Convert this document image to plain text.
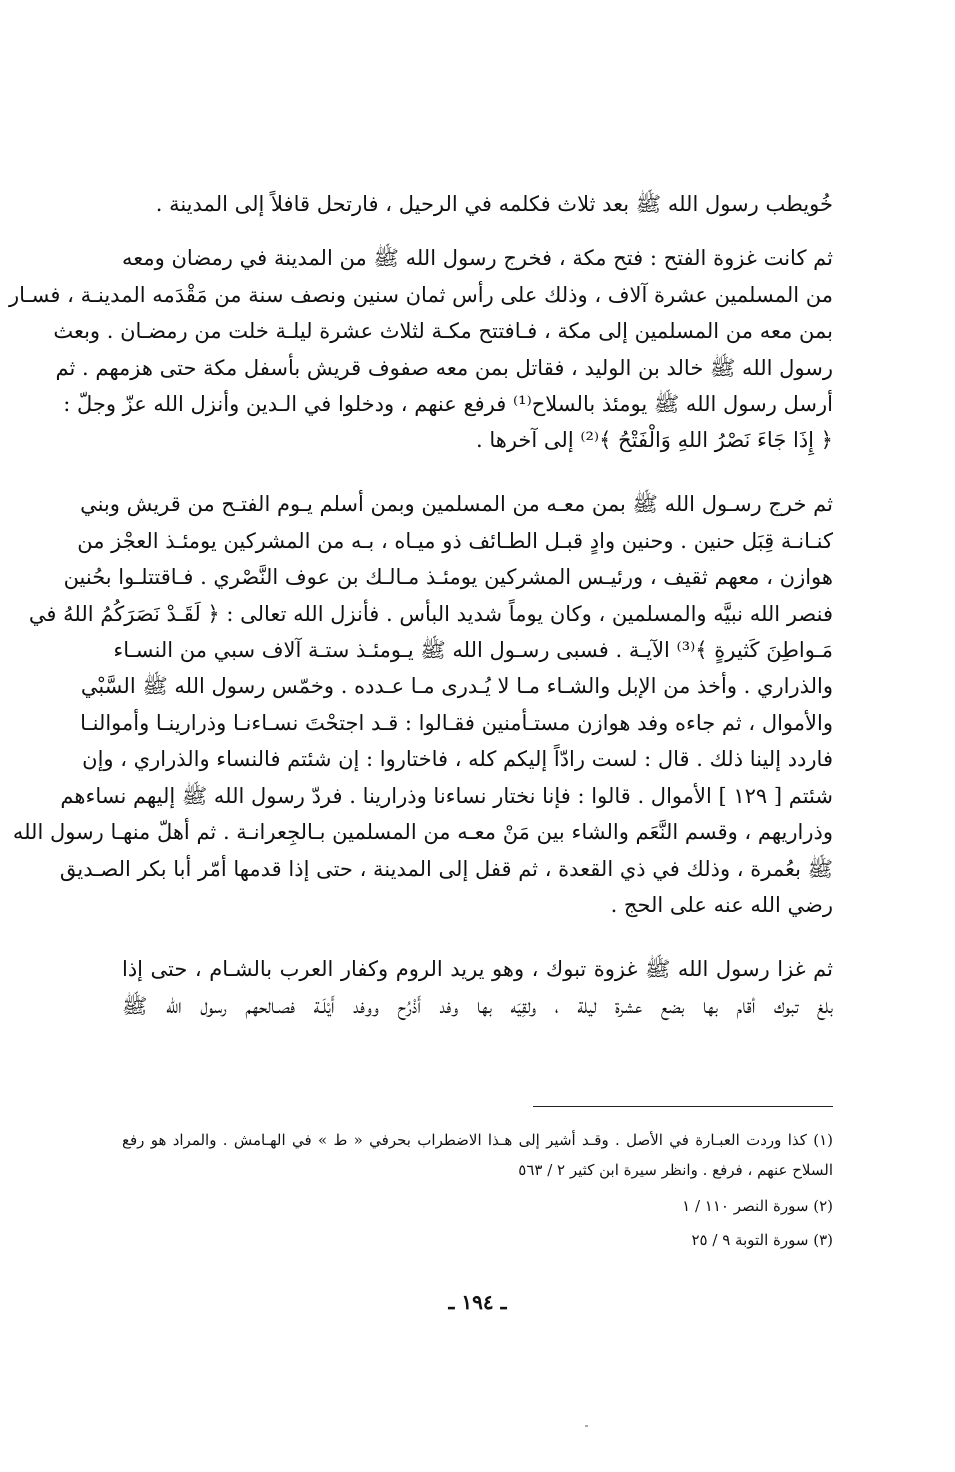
خُويطب رسول الله ﷺ بعد ثلاث فكلمه في الرحيل ، فارتحل قافلاً إلى المدينة .
ثم كانت غزوة الفتح : فتح مكة ، فخرج رسول الله ﷺ من المدينة في رمضان ومعه
من المسلمين عشرة آلاف ، وذلك على رأس ثمان سنين ونصف سنة من مَقْدَمه المدينـة ، فسـار
بمن معه من المسلمين إلى مكة ، فـافتتح مكـة لثلاث عشرة ليلـة خلت من رمضـان . وبعث
رسول الله ﷺ خالد بن الوليد ، فقاتل بمن معه صفوف قريش بأسفل مكة حتى هزمهم . ثم
أرسل رسول الله ﷺ يومئذ بالسلاح⁽¹⁾ فرفع عنهم ، ودخلوا في الـدين وأنزل الله عزّ وجلّ :
﴿ إِذَا جَاءَ نَصْرُ اللهِ وَالْفَتْحُ ﴾⁽²⁾ إلى آخرها .
ثم خرج رسـول الله ﷺ بمن معـه من المسلمين وبمن أسلم يـوم الفتـح من قريش وبني
كنـانـة قِبَل حنين . وحنين وادٍ قبـل الطـائف ذو ميـاه ، بـه من المشركين يومئـذ العجْز من
هوازن ، معهم ثقيف ، ورئيـس المشركين يومئـذ مـالـك بن عوف النَّصْري . فـاقتتلـوا بحُنين
فنصر الله نبيَّه والمسلمين ، وكان يوماً شديد البأس . فأنزل الله تعالى : ﴿ لَقَـدْ نَصَرَكُمُ اللهُ في
مَـواطِنَ كَثيرةٍ ﴾⁽³⁾ الآيـة . فسبى رسـول الله ﷺ يـومئـذ ستـة آلاف سبي من النسـاء
والذراري . وأخذ من الإبل والشـاء مـا لا يُـدرى مـا عـدده . وخمّس رسول الله ﷺ السَّبْي
والأموال ، ثم جاءه وفد هوازن مستـأمنين فقـالوا : قـد اجتحْتَ نسـاءنـا وذرارينـا وأموالنـا
فاردد إلينا ذلك . قال : لست رادّاً إليكم كله ، فاختاروا : إن شئتم فالنساء والذراري ، وإن
شئتم [ ١٢٩ ] الأموال . قالوا : فإنا نختار نساءنا وذرارينا . فردّ رسول الله ﷺ إليهم نساءهم
وذراريهم ، وقسم النَّعَم والشاء بين مَنْ معـه من المسلمين بـالجِعرانـة . ثم أهلّ منهـا رسول الله
ﷺ بعُمرة ، وذلك في ذي القعدة ، ثم قفل إلى المدينة ، حتى إذا قدمها أمّر أبا بكر الصـديق
رضي الله عنه على الحج .
ثم غزا رسول الله ﷺ غزوة تبوك ، وهو يريد الروم وكفار العرب بالشـام ، حتى إذا
بلغ تبوك أقام بها بضع عشرة ليلة ، ولقِيَه بها وفد أَذْرُح ووفد أَيْلَـة فصـالحهم رسول الله ﷺ
(١) كذا وردت العبـارة في الأصل . وقـد أشير إلى هـذا الاضطراب بحرفي « ط » في الهـامش . والمراد هو رفع
السلاح عنهم ، فرفع . وانظر سيرة ابن كثير ٢ / ٥٦٣
(٢) سورة النصر ١١٠ / ١
(٣) سورة التوبة ٩ / ٢٥
ـ ١٩٤ ـ
